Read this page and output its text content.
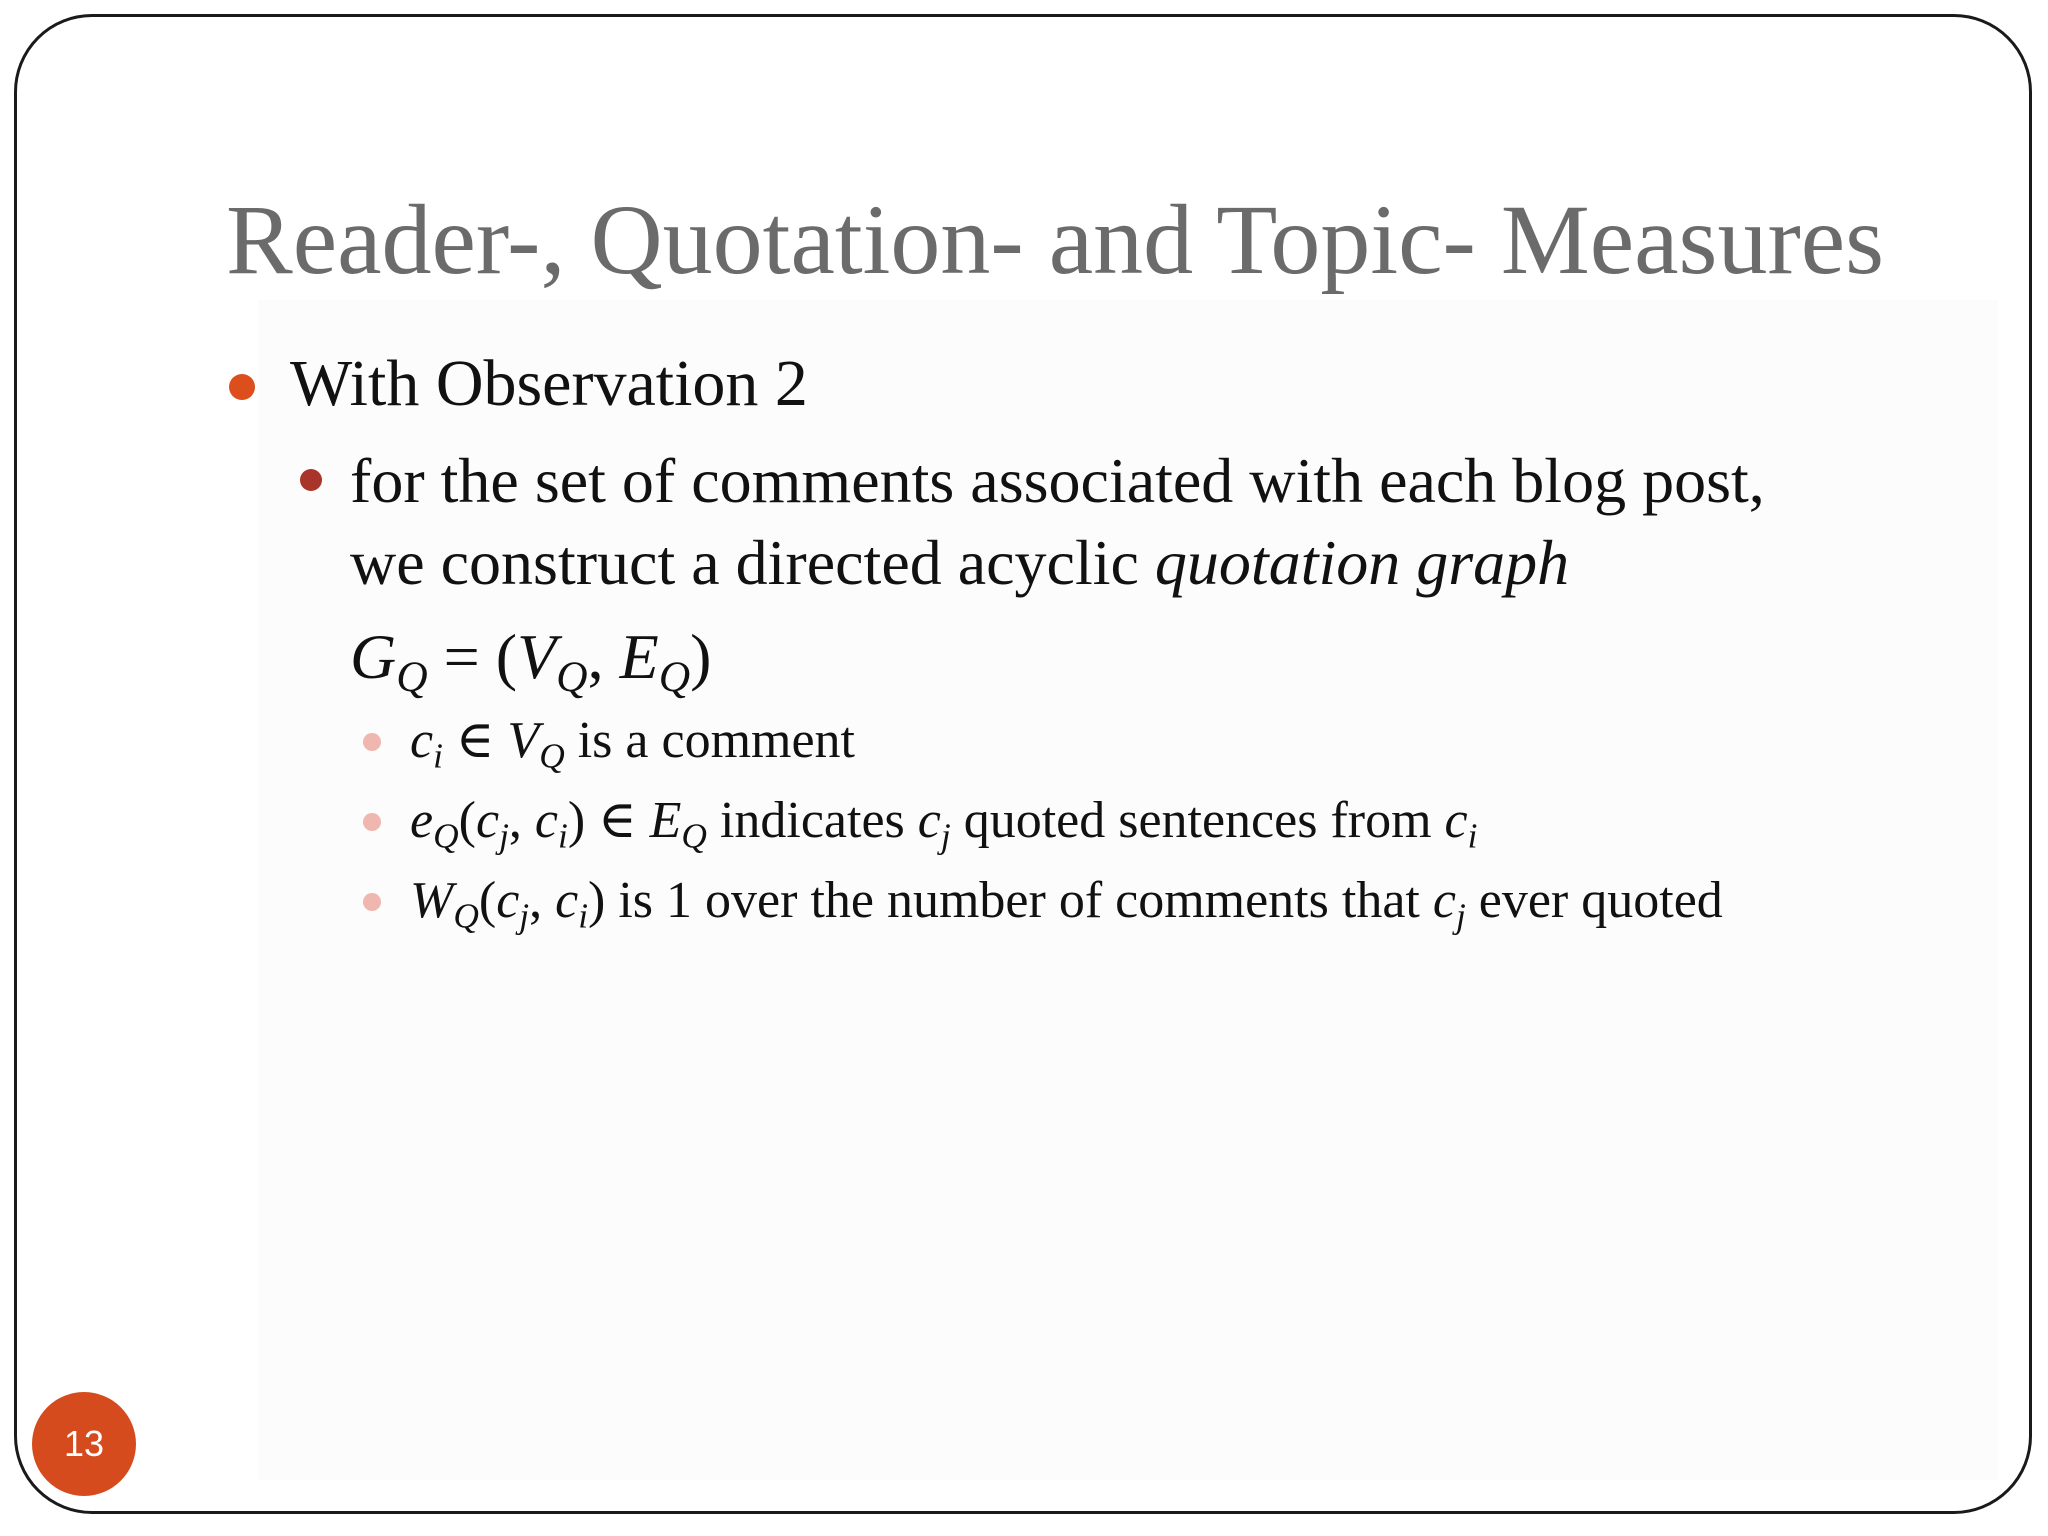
Reader-, Quotation- and Topic- Measures
With Observation 2
for the set of comments associated with each blog post,
we construct a directed acyclic quotation graph
$G_Q = (V_Q$, $E_Q$)
$c_i$ ∈ $V_Q$ is a comment
$e_Q(c_j$, $c_i$) ∈ $E_Q$ indicates $c_j$ quoted sentences from $c_i$
$W_Q(c_j$, $c_i$) is 1 over the number of comments that $c_j$ ever quoted
13
